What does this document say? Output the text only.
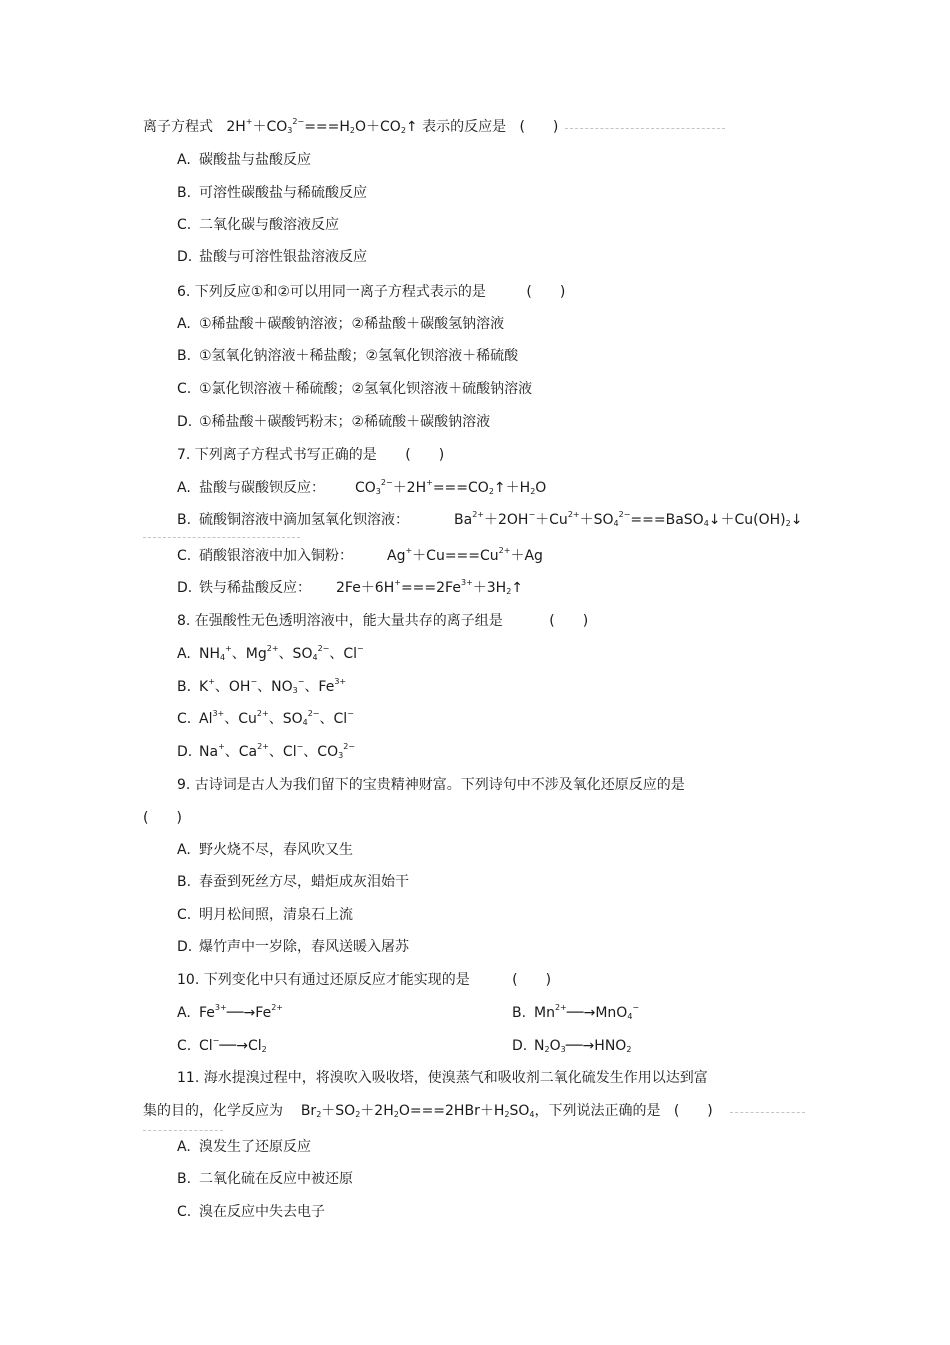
离子方程式 $2H^++CO_3^{2-}===H_2O+CO_2↑$ 表示的反应是 (　　)
A. 碳酸盐与盐酸反应
B. 可溶性碳酸盐与稀硫酸反应
C. 二氧化碳与酸溶液反应
D. 盐酸与可溶性银盐溶液反应
6. 下列反应①和②可以用同一离子方程式表示的是	(　　)
A. ①稀盐酸＋碳酸钠溶液；②稀盐酸＋碳酸氢钠溶液
B. ①氢氧化钠溶液＋稀盐酸；②氢氧化钡溶液＋稀硫酸
C. ①氯化钡溶液＋稀硫酸；②氢氧化钡溶液＋硫酸钠溶液
D. ①稀盐酸＋碳酸钙粉末；②稀硫酸＋碳酸钠溶液
7. 下列离子方程式书写正确的是 (　　)
A. 盐酸与碳酸钡反应： $CO_3^{2-}+2H^+===CO_2↑+H_2O$
B. 硫酸铜溶液中滴加氢氧化钡溶液：	$Ba^{2+}+2OH^-+Cu^{2+}+SO_4^{2-}===BaSO_4↓+Cu(OH)_2↓$
C. 硝酸银溶液中加入铜粉： $Ag^++Cu===Cu^{2+}+Ag$
D. 铁与稀盐酸反应： $2Fe+6H^+===2Fe^{3+}+3H_2↑$
8. 在强酸性无色透明溶液中，能大量共存的离子组是	(　　)
A. $NH_4^+$、$Mg^{2+}$、$SO_4^{2-}$、Cl−
B. K+、OH−、$NO_3^-$、$Fe^{3+}$
C. $Al^{3+}$、$Cu^{2+}$、$SO_4^{2-}$、Cl−
D. Na+、$Ca^{2+}$、Cl−、$CO_3^{2-}$
9. 古诗词是古人为我们留下的宝贵精神财富。下列诗句中不涉及氧化还原反应的是
(　　)
A. 野火烧不尽，春风吹又生
B. 春蚕到死丝方尽，蜡炬成灰泪始干
C. 明月松间照，清泉石上流
D. 爆竹声中一岁除，春风送暖入屠苏
10. 下列变化中只有通过还原反应才能实现的是	(　　)
A. $Fe^{3+}──\to Fe^{2+}$	B. $Mn^{2+}──\to MnO_4^-$
C. $Cl^-──\to Cl_2$	D. $N_2O_3──\to HNO_2$
11. 海水提溴过程中，将溴吹入吸收塔，使溴蒸气和吸收剂二氧化硫发生作用以达到富
集的目的，化学反应为 $Br_2+SO_2+2H_2O===2HBr+H_2SO_4$，下列说法正确的是 (　　)
A. 溴发生了还原反应
B. 二氧化硫在反应中被还原
C. 溴在反应中失去电子
